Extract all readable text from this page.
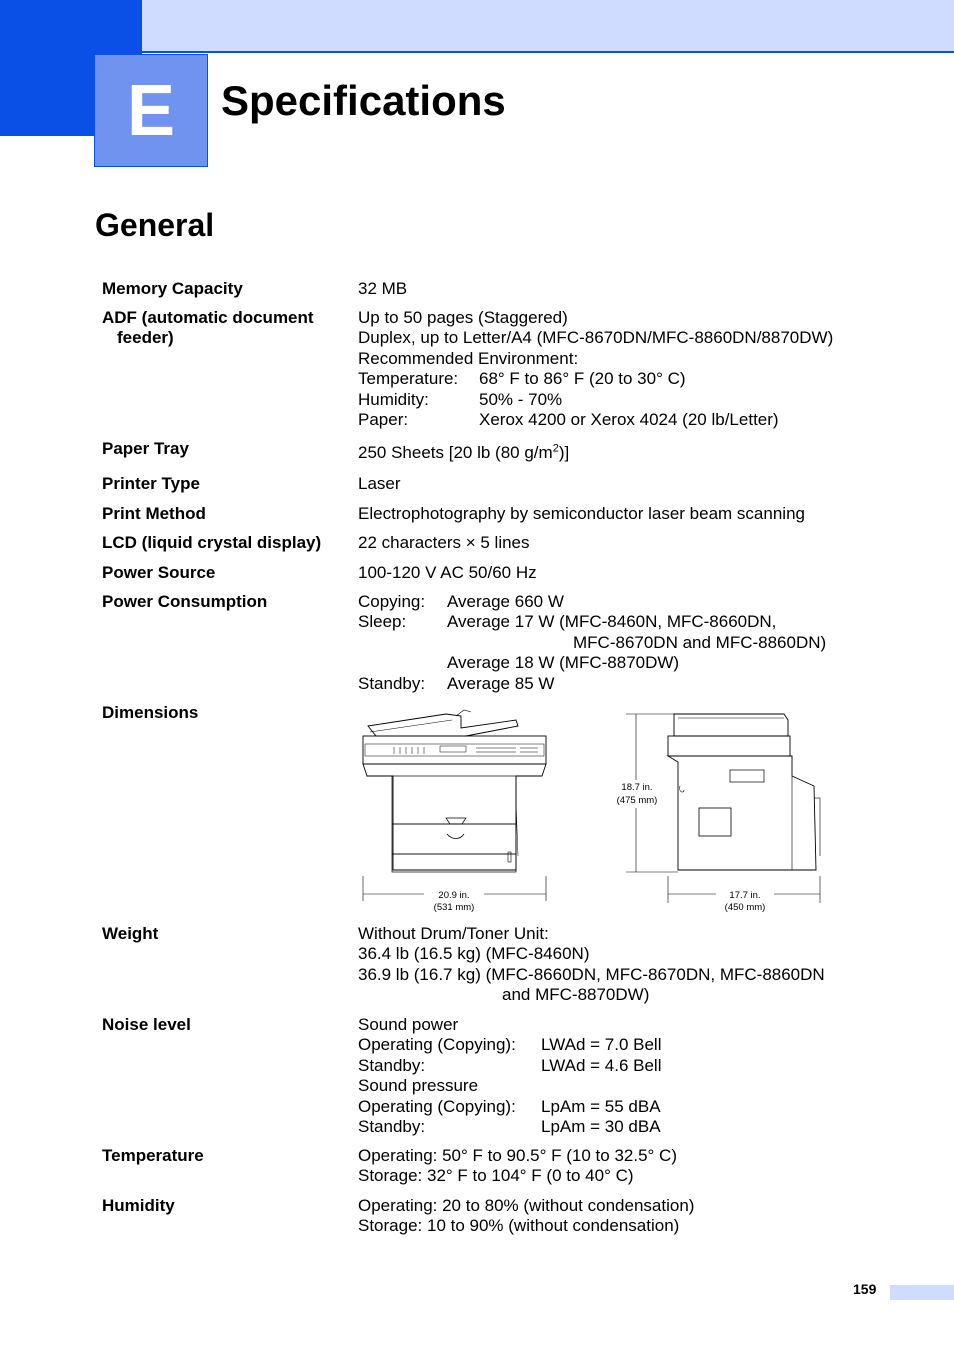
E Specifications
General
Memory Capacity	32 MB
ADF (automatic document
feeder)
Up to 50 pages (Staggered)
Duplex, up to Letter/A4 (MFC-8670DN/MFC-8860DN/8870DW)
Recommended Environment:
Temperature: 68° F to 86° F (20 to 30° C)
Humidity:	50% - 70%
Paper:	Xerox 4200 or Xerox 4024 (20 lb/Letter)
Paper Tray	250 Sheets [20 lb (80 $g/m^2$)]
Printer Type	Laser
Print Method	Electrophotography by semiconductor laser beam scanning
LCD (liquid crystal display) 22 characters × 5 lines
Power Source	100-120 V AC 50/60 Hz
Power Consumption	Copying: Average 660 W
Sleep: Average 17 W (MFC-8460N, MFC-8660DN,
MFC-8670DN and MFC-8860DN)
Average 18 W (MFC-8870DW)
Standby: Average 85 W
Dimensions
20.9 in.
(531 mm)
18.7 in.
(475 mm)
17.7 in.
(450 mm)
Weight	Without Drum/Toner Unit:
36.4 lb (16.5 kg) (MFC-8460N)
36.9 lb (16.7 kg) (MFC-8660DN, MFC-8670DN, MFC-8860DN
and MFC-8870DW)
Noise level	Sound power
Operating (Copying): LWAd = 7.0 Bell
Standby:	LWAd = 4.6 Bell
Sound pressure
Operating (Copying): LpAm = 55 dBA
Standby:	LpAm = 30 dBA
Temperature	Operating: 50° F to 90.5° F (10 to 32.5° C)
Storage: 32° F to 104° F (0 to 40° C)
Humidity	Operating: 20 to 80% (without condensation)
Storage: 10 to 90% (without condensation)
159
